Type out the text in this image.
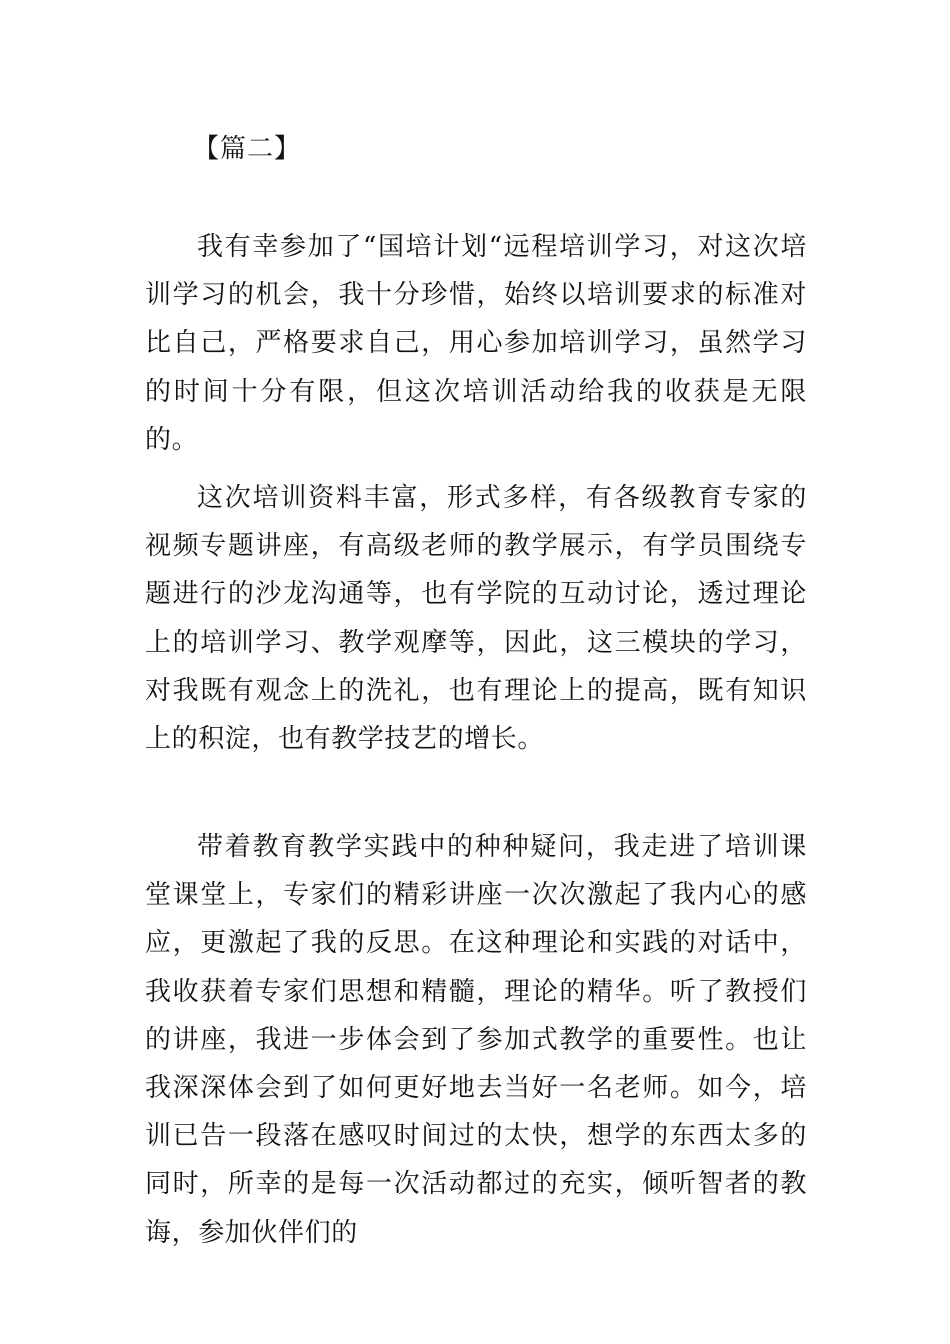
【篇二】

我有幸参加了“国培计划“远程培训学习，对这次培训学习的机会，我十分珍惜，始终以培训要求的标准对比自己，严格要求自己，用心参加培训学习，虽然学习的时间十分有限，但这次培训活动给我的收获是无限的。

这次培训资料丰富，形式多样，有各级教育专家的视频专题讲座，有高级老师的教学展示，有学员围绕专题进行的沙龙沟通等，也有学院的互动讨论，透过理论上的培训学习、教学观摩等，因此，这三模块的学习，对我既有观念上的洗礼，也有理论上的提高，既有知识上的积淀，也有教学技艺的增长。

带着教育教学实践中的种种疑问，我走进了培训课堂课堂上，专家们的精彩讲座一次次激起了我内心的感应，更激起了我的反思。在这种理论和实践的对话中，我收获着专家们思想和精髓，理论的精华。听了教授们的讲座，我进一步体会到了参加式教学的重要性。也让我深深体会到了如何更好地去当好一名老师。如今，培训已告一段落在感叹时间过的太快，想学的东西太多的同时，所幸的是每一次活动都过的充实，倾听智者的教诲，参加伙伴们的
